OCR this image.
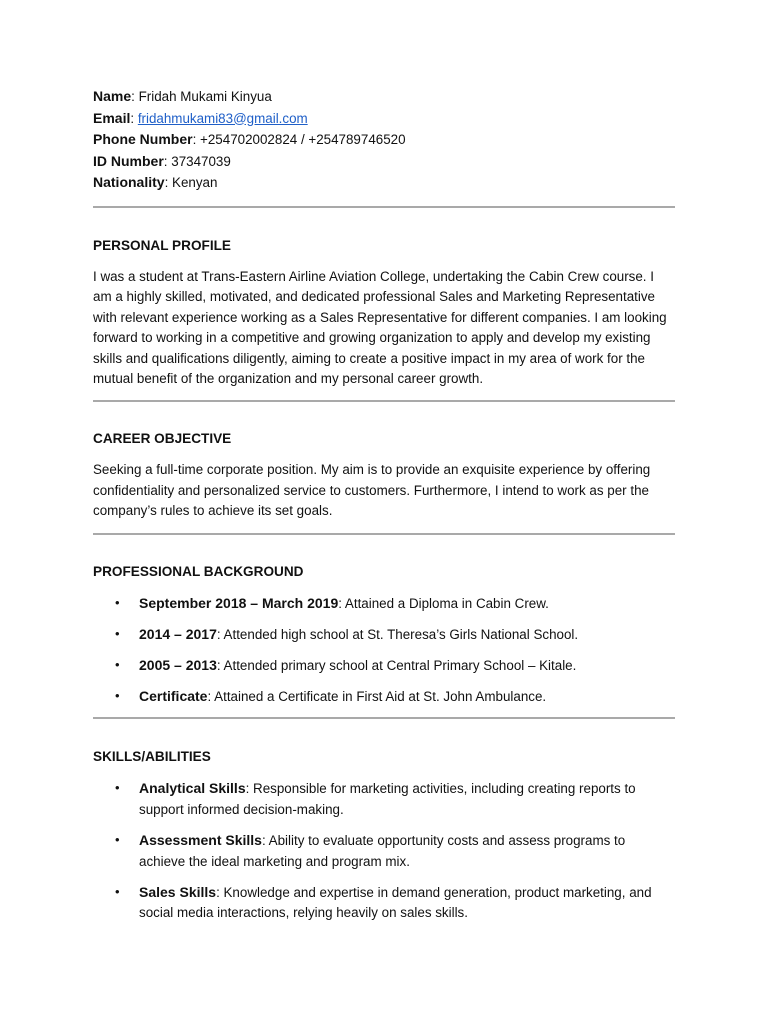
Name: Fridah Mukami Kinyua
Email: fridahmukami83@gmail.com
Phone Number: +254702002824 / +254789746520
ID Number: 37347039
Nationality: Kenyan
PERSONAL PROFILE

I was a student at Trans-Eastern Airline Aviation College, undertaking the Cabin Crew course. I am a highly skilled, motivated, and dedicated professional Sales and Marketing Representative with relevant experience working as a Sales Representative for different companies. I am looking forward to working in a competitive and growing organization to apply and develop my existing skills and qualifications diligently, aiming to create a positive impact in my area of work for the mutual benefit of the organization and my personal career growth.

CAREER OBJECTIVE

Seeking a full-time corporate position. My aim is to provide an exquisite experience by offering confidentiality and personalized service to customers. Furthermore, I intend to work as per the company’s rules to achieve its set goals.

PROFESSIONAL BACKGROUND
• September 2018 – March 2019: Attained a Diploma in Cabin Crew.
• 2014 – 2017: Attended high school at St. Theresa’s Girls National School.
• 2005 – 2013: Attended primary school at Central Primary School – Kitale.
• Certificate: Attained a Certificate in First Aid at St. John Ambulance.
SKILLS/ABILITIES
• Analytical Skills: Responsible for marketing activities, including creating reports to support informed decision-making.
• Assessment Skills: Ability to evaluate opportunity costs and assess programs to achieve the ideal marketing and program mix.
• Sales Skills: Knowledge and expertise in demand generation, product marketing, and social media interactions, relying heavily on sales skills.
